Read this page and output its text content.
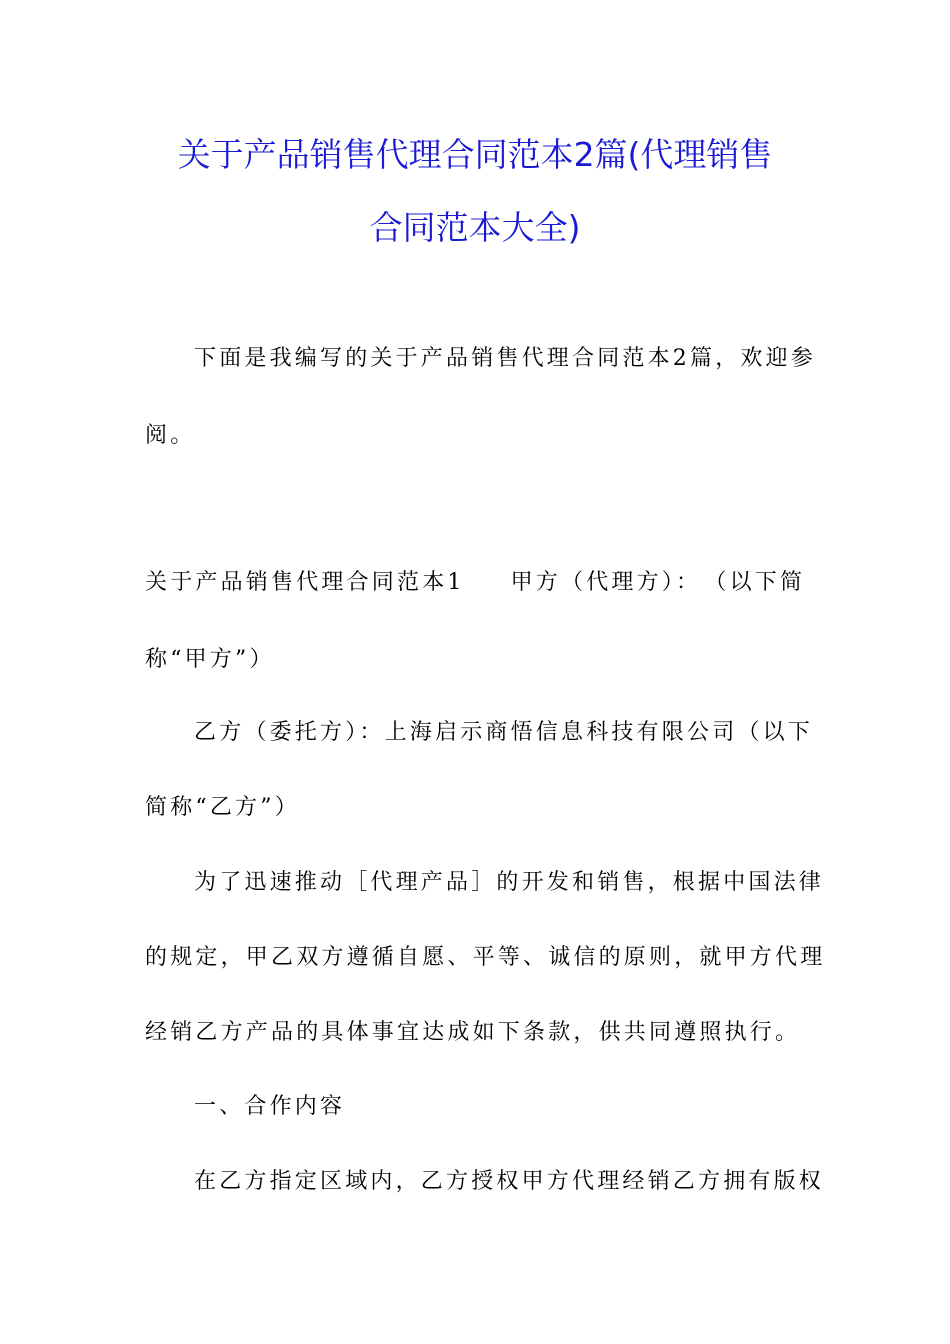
关于产品销售代理合同范本2篇(代理销售
合同范本大全)
下面是我编写的关于产品销售代理合同范本2篇，欢迎参
阅。
关于产品销售代理合同范本1 甲方（代理方）：　（以下简
称“甲方”）
乙方（委托方）：上海启示商悟信息科技有限公司（以下
简称“乙方”）
为了迅速推动［代理产品］的开发和销售，根据中国法律
的规定，甲乙双方遵循自愿、平等、诚信的原则，就甲方代理
经销乙方产品的具体事宜达成如下条款，供共同遵照执行。
一、合作内容
在乙方指定区域内，乙方授权甲方代理经销乙方拥有版权
